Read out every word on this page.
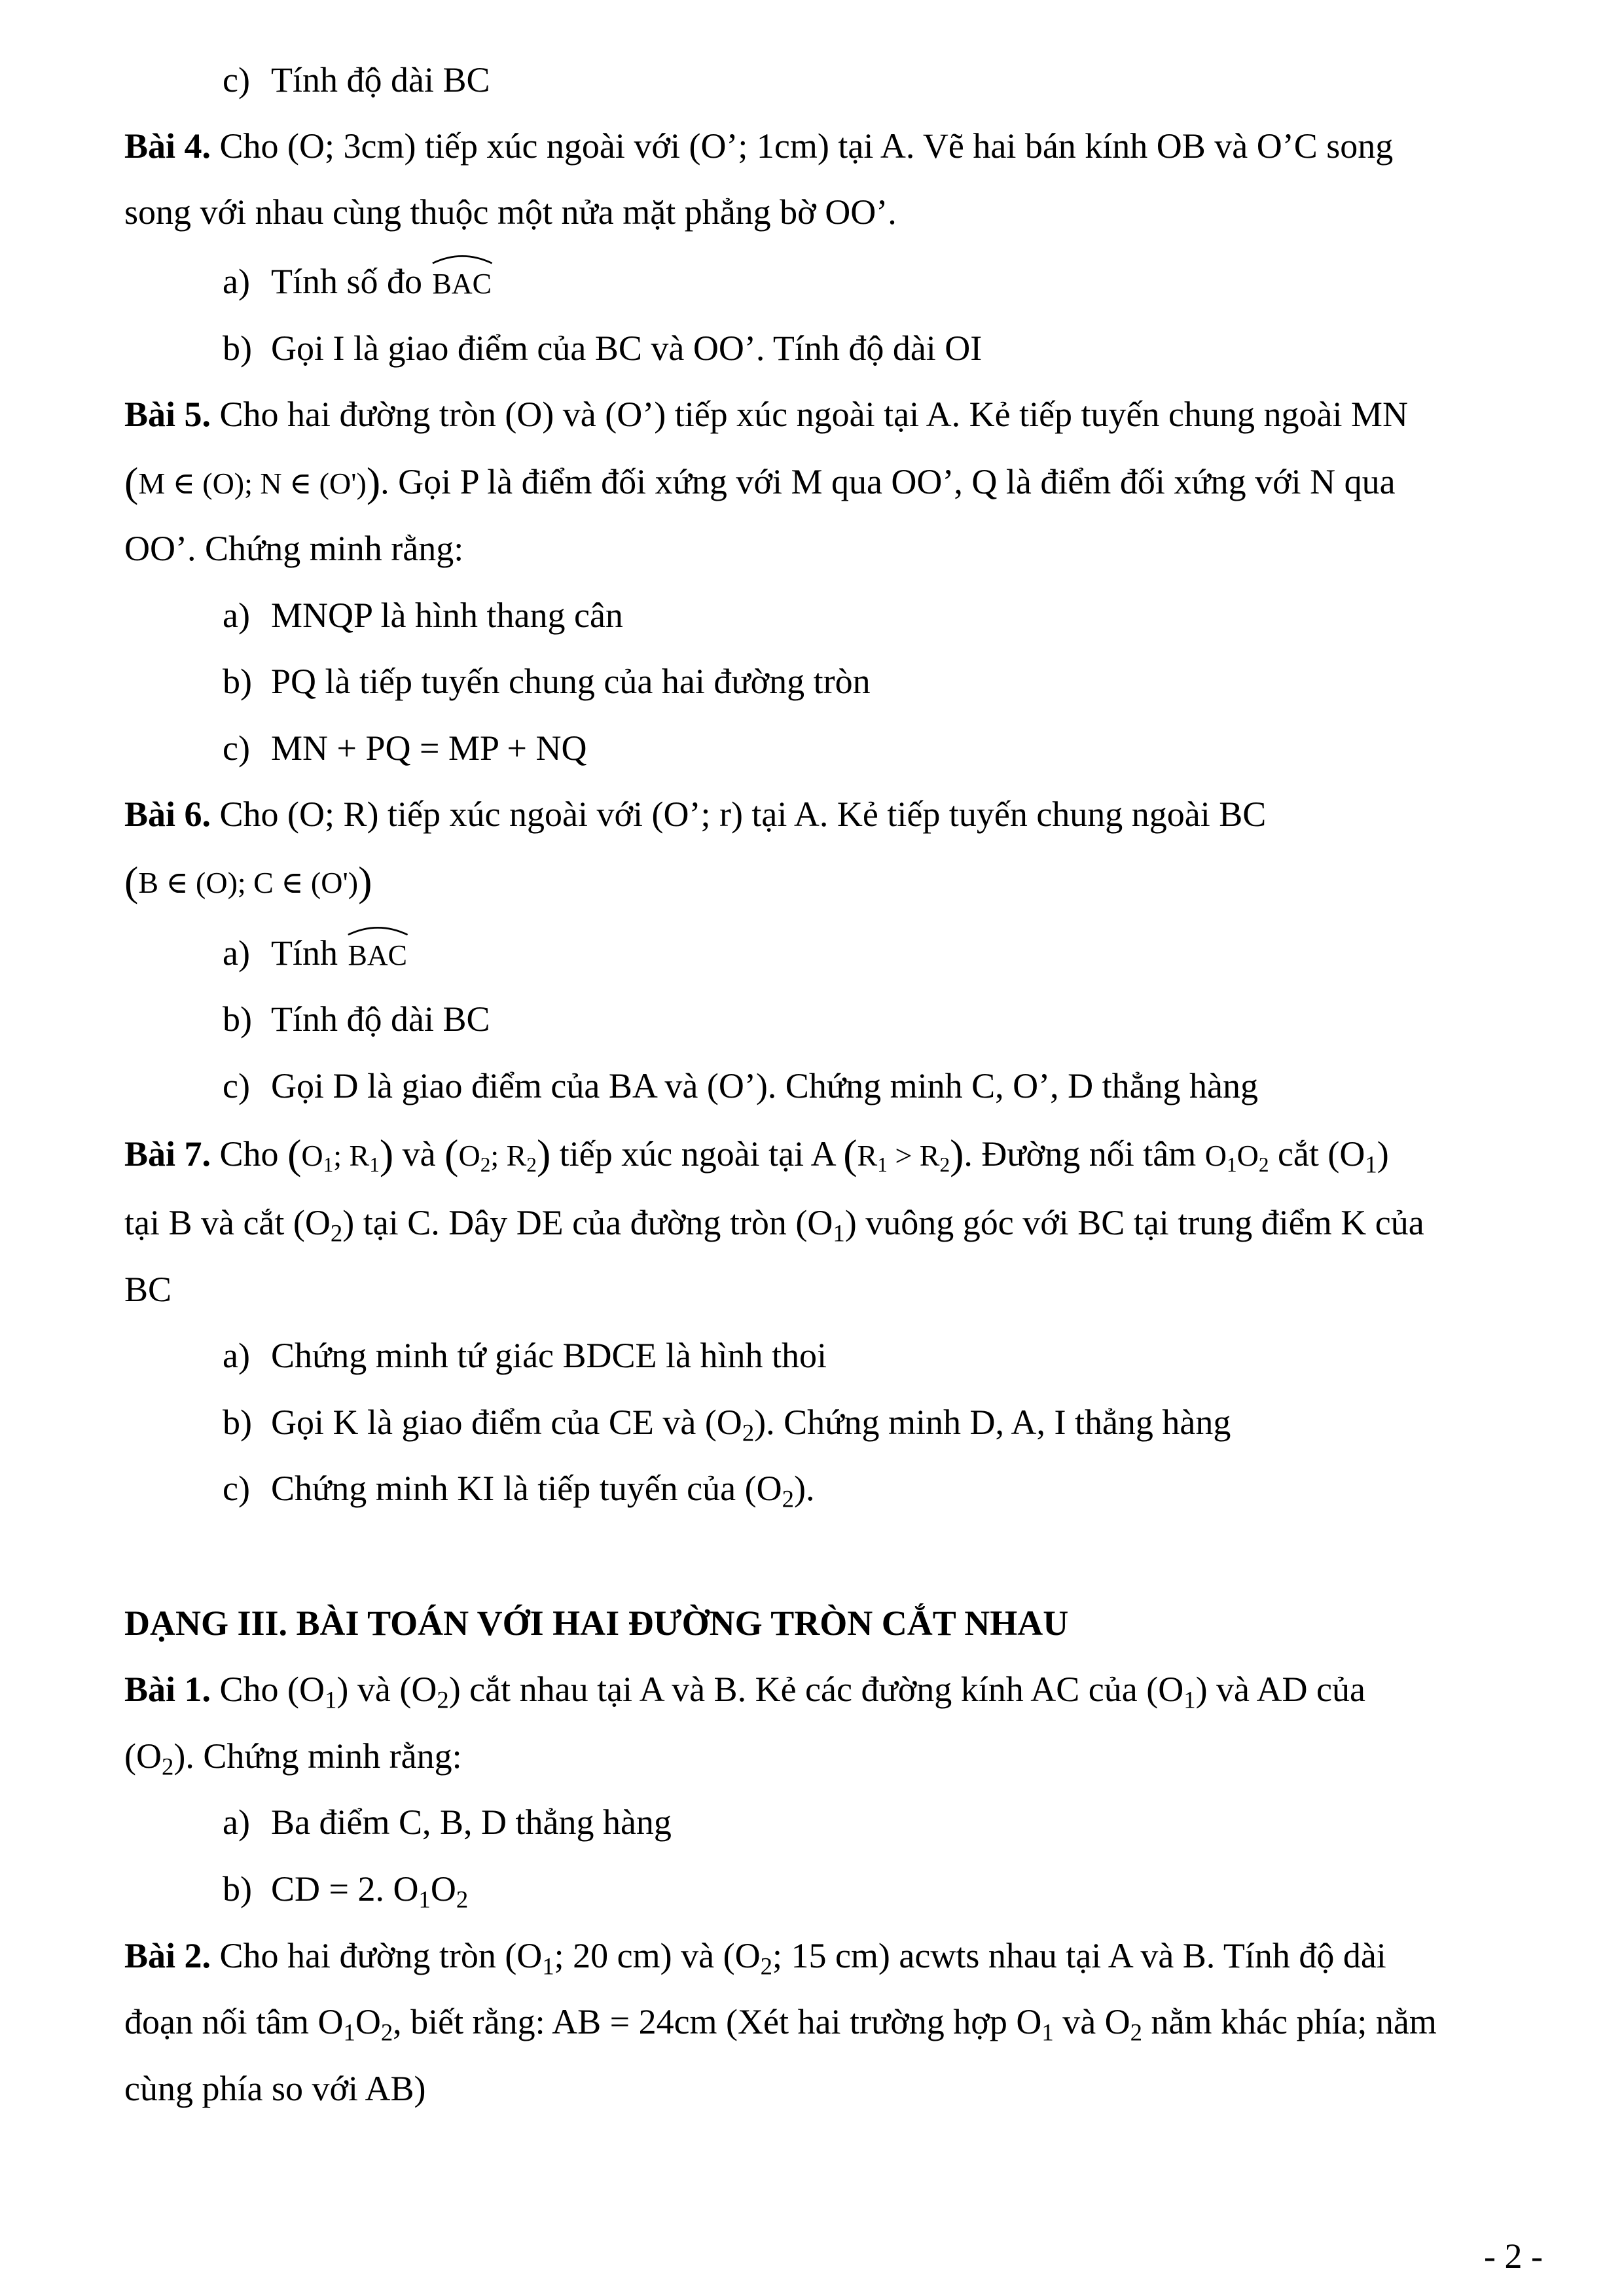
c) Tính độ dài BC
Bài 4. Cho (O; 3cm) tiếp xúc ngoài với (O’; 1cm) tại A. Vẽ hai bán kính OB và O’C song
song với nhau cùng thuộc một nửa mặt phẳng bờ OO’.
a) Tính số đo BAC
b) Gọi I là giao điểm của BC và OO’. Tính độ dài OI
Bài 5. Cho hai đường tròn (O) và (O’) tiếp xúc ngoài tại A. Kẻ tiếp tuyến chung ngoài MN
(M ∈ (O); N ∈ (O')). Gọi P là điểm đối xứng với M qua OO’, Q là điểm đối xứng với N qua
OO’. Chứng minh rằng:
a) MNQP là hình thang cân
b) PQ là tiếp tuyến chung của hai đường tròn
c) MN + PQ = MP + NQ
Bài 6. Cho (O; R) tiếp xúc ngoài với (O’; r) tại A. Kẻ tiếp tuyến chung ngoài BC
(B ∈ (O); C ∈ (O'))
a) Tính BAC
b) Tính độ dài BC
c) Gọi D là giao điểm của BA và (O’). Chứng minh C, O’, D thẳng hàng
Bài 7. Cho ($O_1$; $R_1$) và ($O_2$; $R_2$) tiếp xúc ngoài tại A $(R_1 > R_2)$. Đường nối tâm $O_1O_2$ cắt $(O_1)$
tại B và cắt $(O_2)$ tại C. Dây DE của đường tròn $(O_1)$ vuông góc với BC tại trung điểm K của
BC
a) Chứng minh tứ giác BDCE là hình thoi
b) Gọi K là giao điểm của CE và $(O_2)$. Chứng minh D, A, I thẳng hàng
c) Chứng minh KI là tiếp tuyến của $(O_2)$.
DẠNG III. BÀI TOÁN VỚI HAI ĐƯỜNG TRÒN CẮT NHAU
Bài 1. Cho $(O_1)$ và $(O_2)$ cắt nhau tại A và B. Kẻ các đường kính AC của $(O_1)$ và AD của
$(O_2)$. Chứng minh rằng:
a) Ba điểm C, B, D thẳng hàng
b) CD = 2. $O_1O_2$
Bài 2. Cho hai đường tròn ($O_1$; 20 cm) và ($O_2$; 15 cm) acwts nhau tại A và B. Tính độ dài
đoạn nối tâm $O_1O_2$, biết rằng: AB = 24cm (Xét hai trường hợp $O_1$ và $O_2$ nằm khác phía; nằm
cùng phía so với AB)
- 2 -
